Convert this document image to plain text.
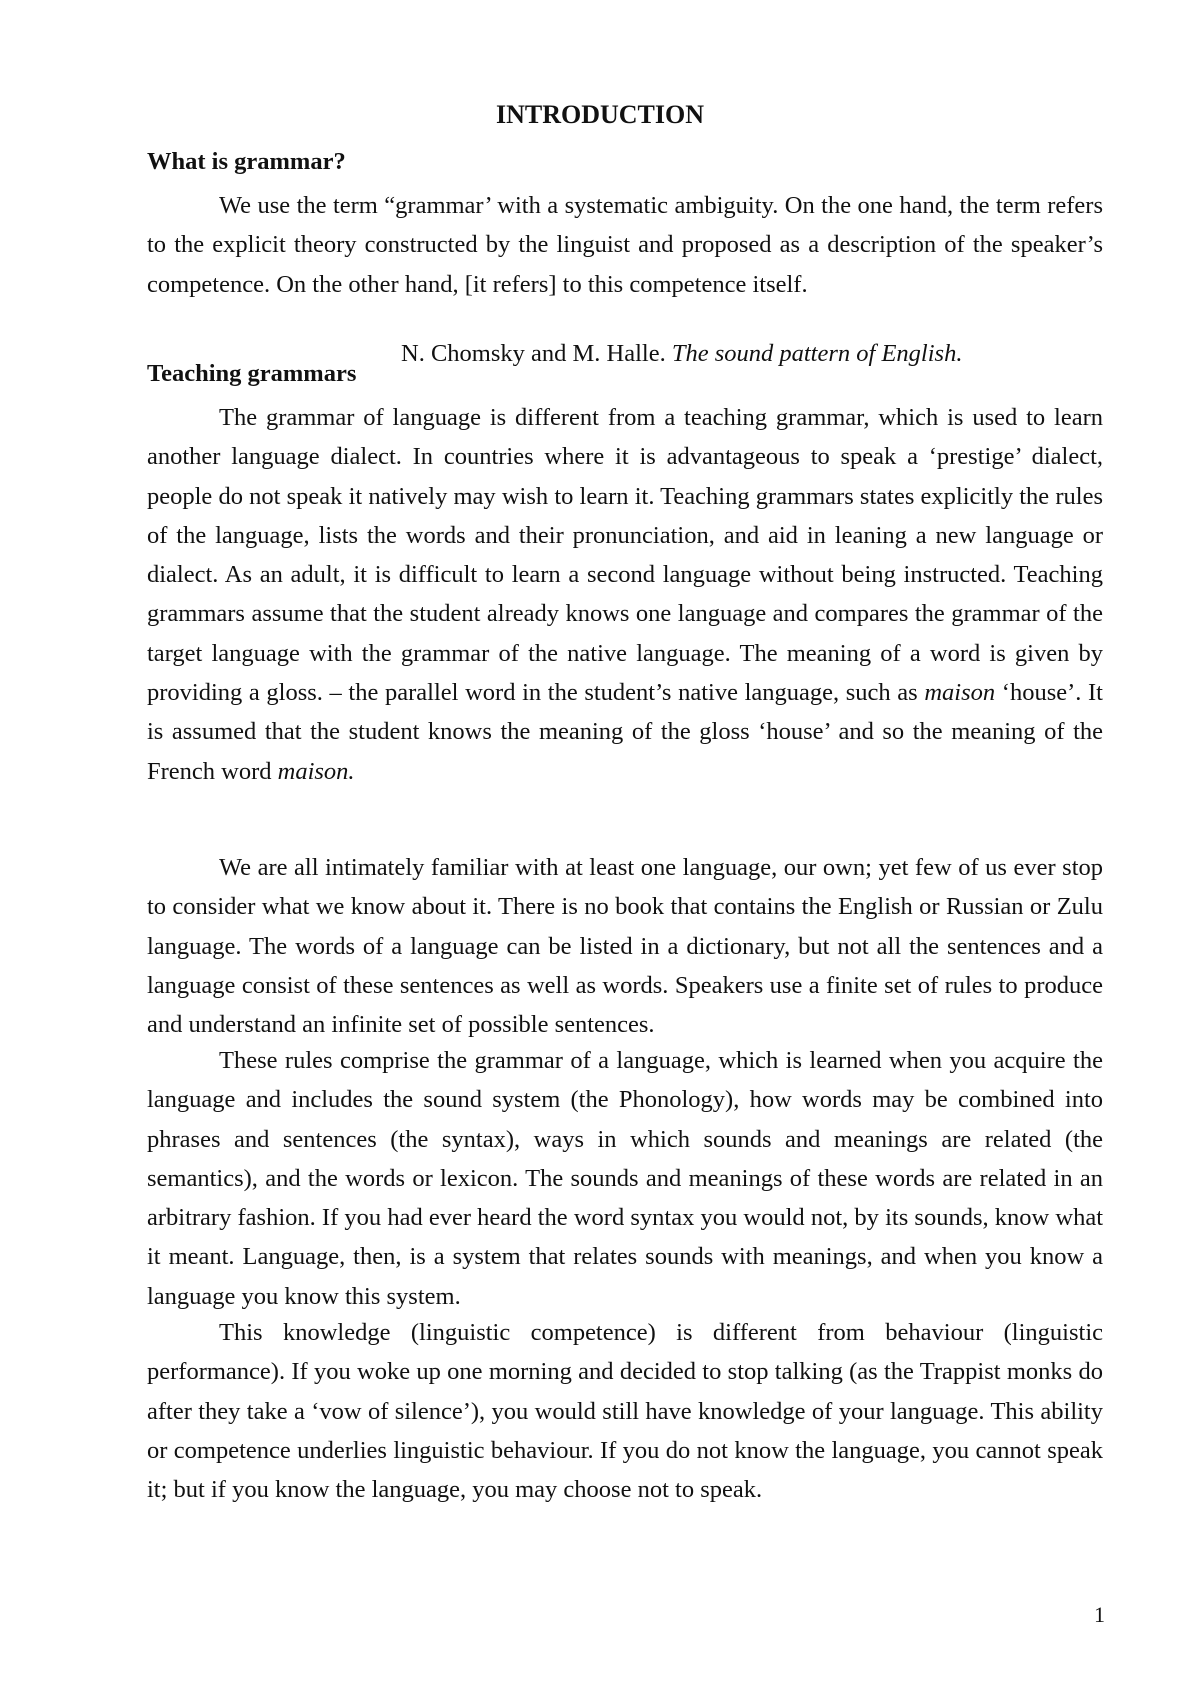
INTRODUCTION
What is grammar?

We use the term “grammar’ with a systematic ambiguity. On the one hand, the term refers to the explicit theory constructed by the linguist and proposed as a description of the speaker’s competence. On the other hand, [it refers] to this competence itself.

N. Chomsky and M. Halle. The sound pattern of English.

Teaching grammars

The grammar of language is different from a teaching grammar, which is used to learn another language dialect. In countries where it is advantageous to speak a ‘prestige’ dialect, people do not speak it natively may wish to learn it. Teaching grammars states explicitly the rules of the language, lists the words and their pronunciation, and aid in leaning a new language or dialect. As an adult, it is difficult to learn a second language without being instructed. Teaching grammars assume that the student already knows one language and compares the grammar of the target language with the grammar of the native language. The meaning of a word is given by providing a gloss. – the parallel word in the student’s native language, such as maison ‘house’. It is assumed that the student knows the meaning of the gloss ‘house’ and so the meaning of the French word maison.

We are all intimately familiar with at least one language, our own; yet few of us ever stop to consider what we know about it. There is no book that contains the English or Russian or Zulu language. The words of a language can be listed in a dictionary, but not all the sentences and a language consist of these sentences as well as words. Speakers use a finite set of rules to produce and understand an infinite set of possible sentences.

These rules comprise the grammar of a language, which is learned when you acquire the language and includes the sound system (the Phonology), how words may be combined into phrases and sentences (the syntax), ways in which sounds and meanings are related (the semantics), and the words or lexicon. The sounds and meanings of these words are related in an arbitrary fashion. If you had ever heard the word syntax you would not, by its sounds, know what it meant. Language, then, is a system that relates sounds with meanings, and when you know a language you know this system.

This knowledge (linguistic competence) is different from behaviour (linguistic performance). If you woke up one morning and decided to stop talking (as the Trappist monks do after they take a ‘vow of silence’), you would still have knowledge of your language. This ability or competence underlies linguistic behaviour. If you do not know the language, you cannot speak it; but if you know the language, you may choose not to speak.

1
